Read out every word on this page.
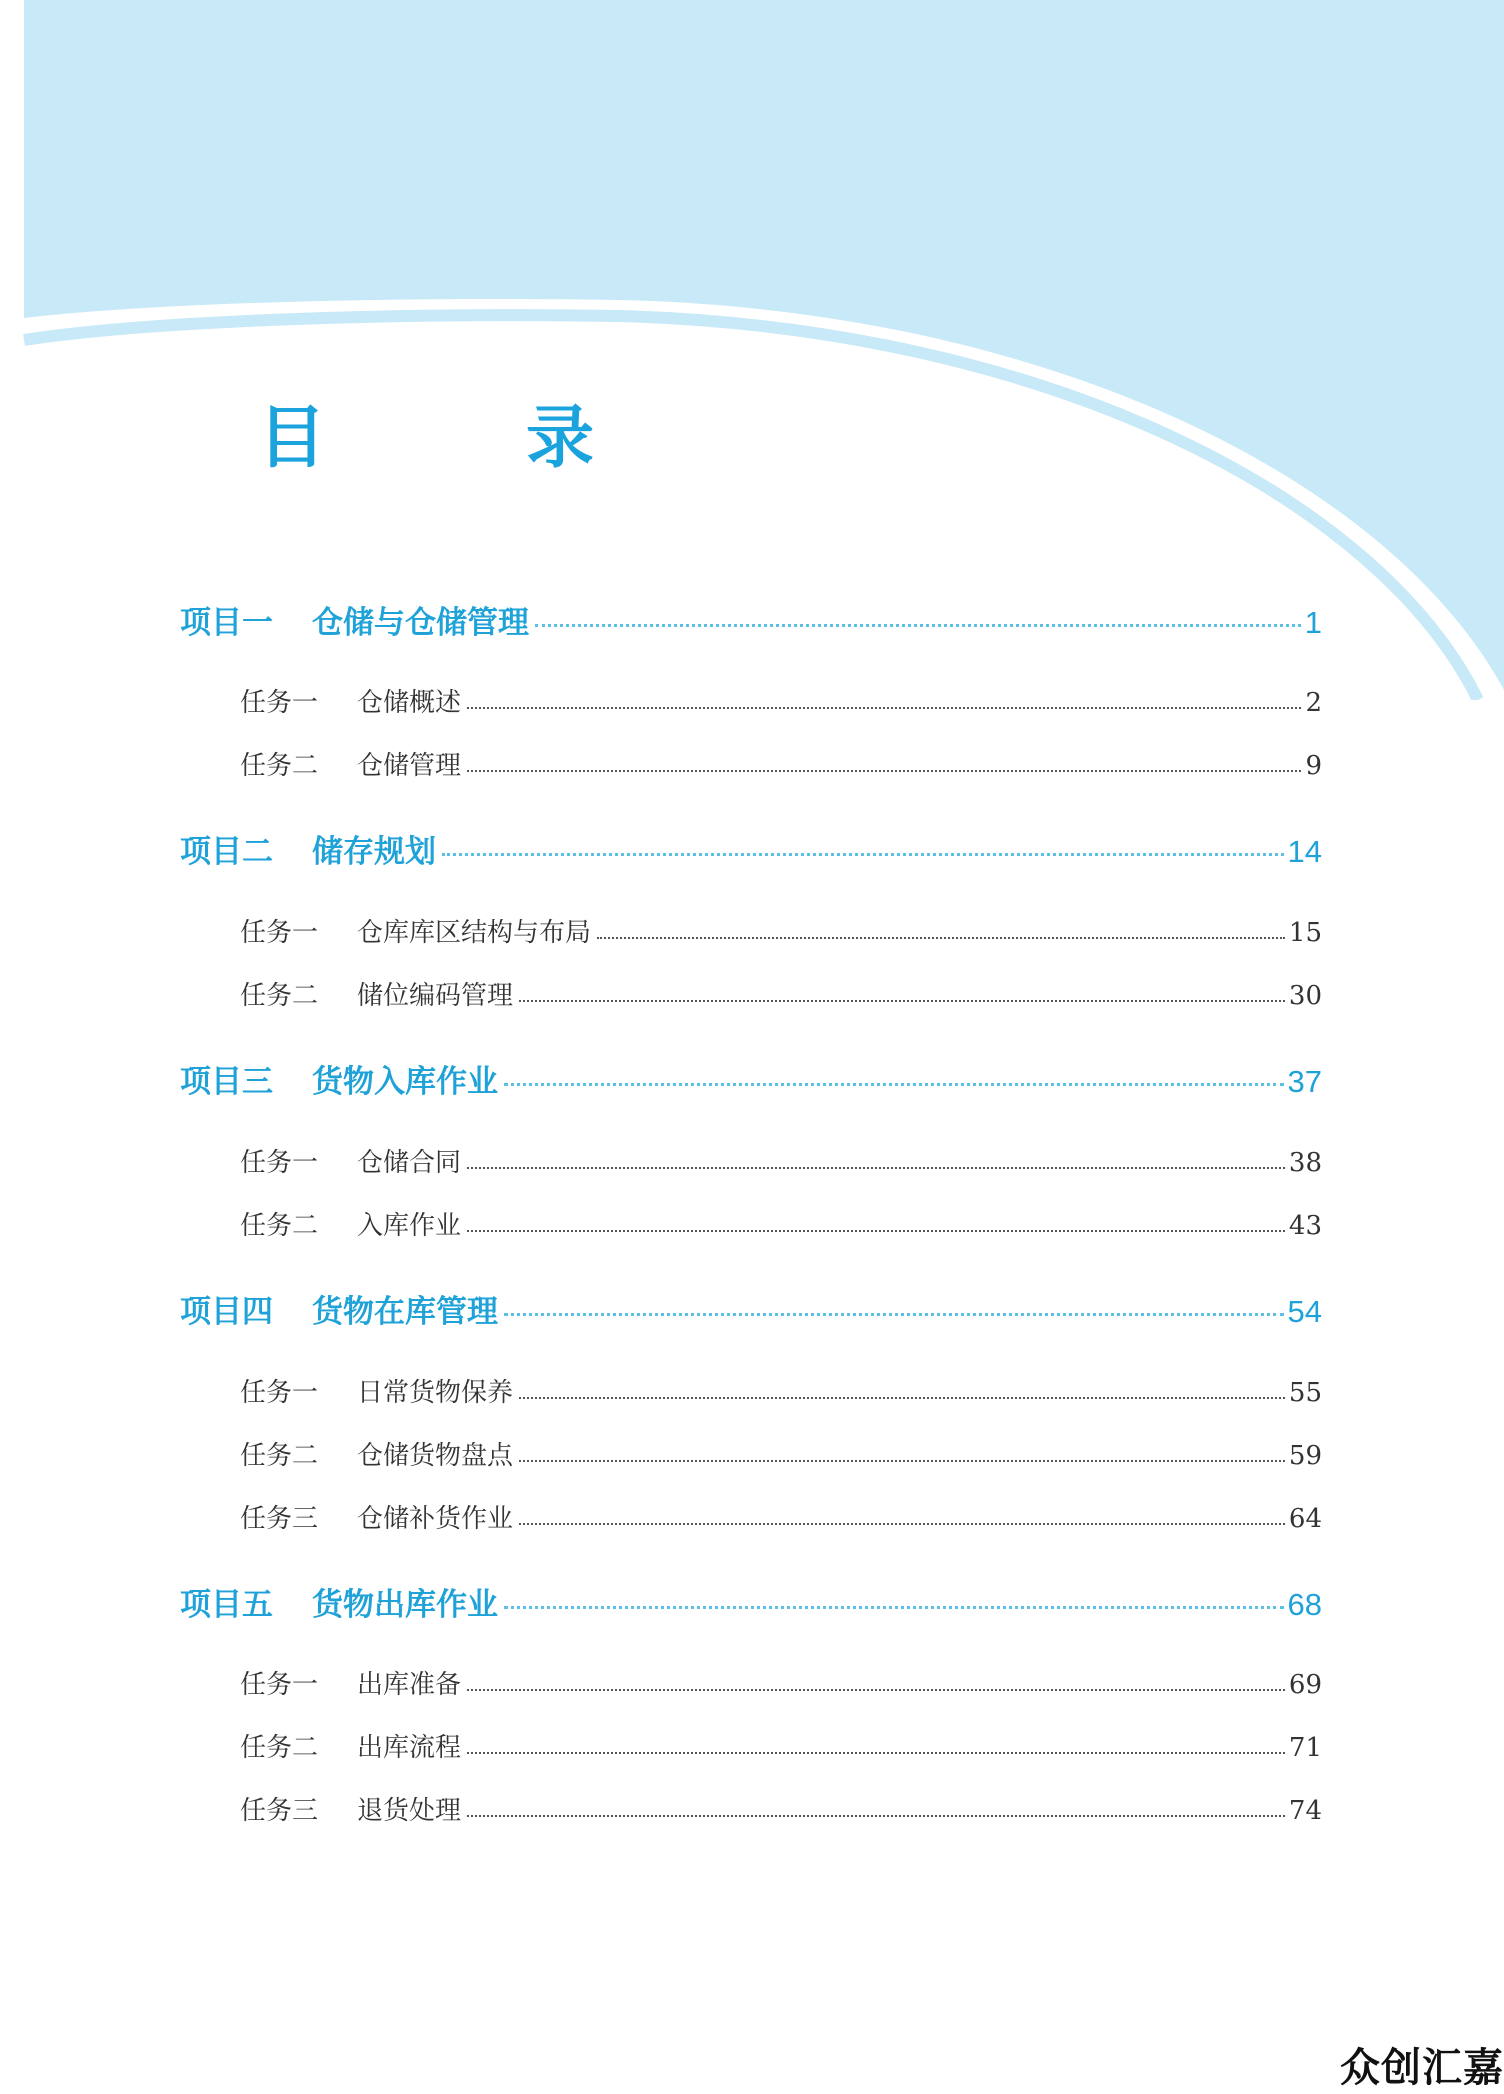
目　录
项目一	仓储与仓储管理	1
任务一	仓储概述	2
任务二	仓储管理	9
项目二	储存规划	14
任务一	仓库库区结构与布局	15
任务二	储位编码管理	30
项目三	货物入库作业	37
任务一	仓储合同	38
任务二	入库作业	43
项目四	货物在库管理	54
任务一	日常货物保养	55
任务二	仓储货物盘点	59
任务三	仓储补货作业	64
项目五	货物出库作业	68
任务一	出库准备	69
任务二	出库流程	71
任务三	退货处理	74
众创汇嘉
